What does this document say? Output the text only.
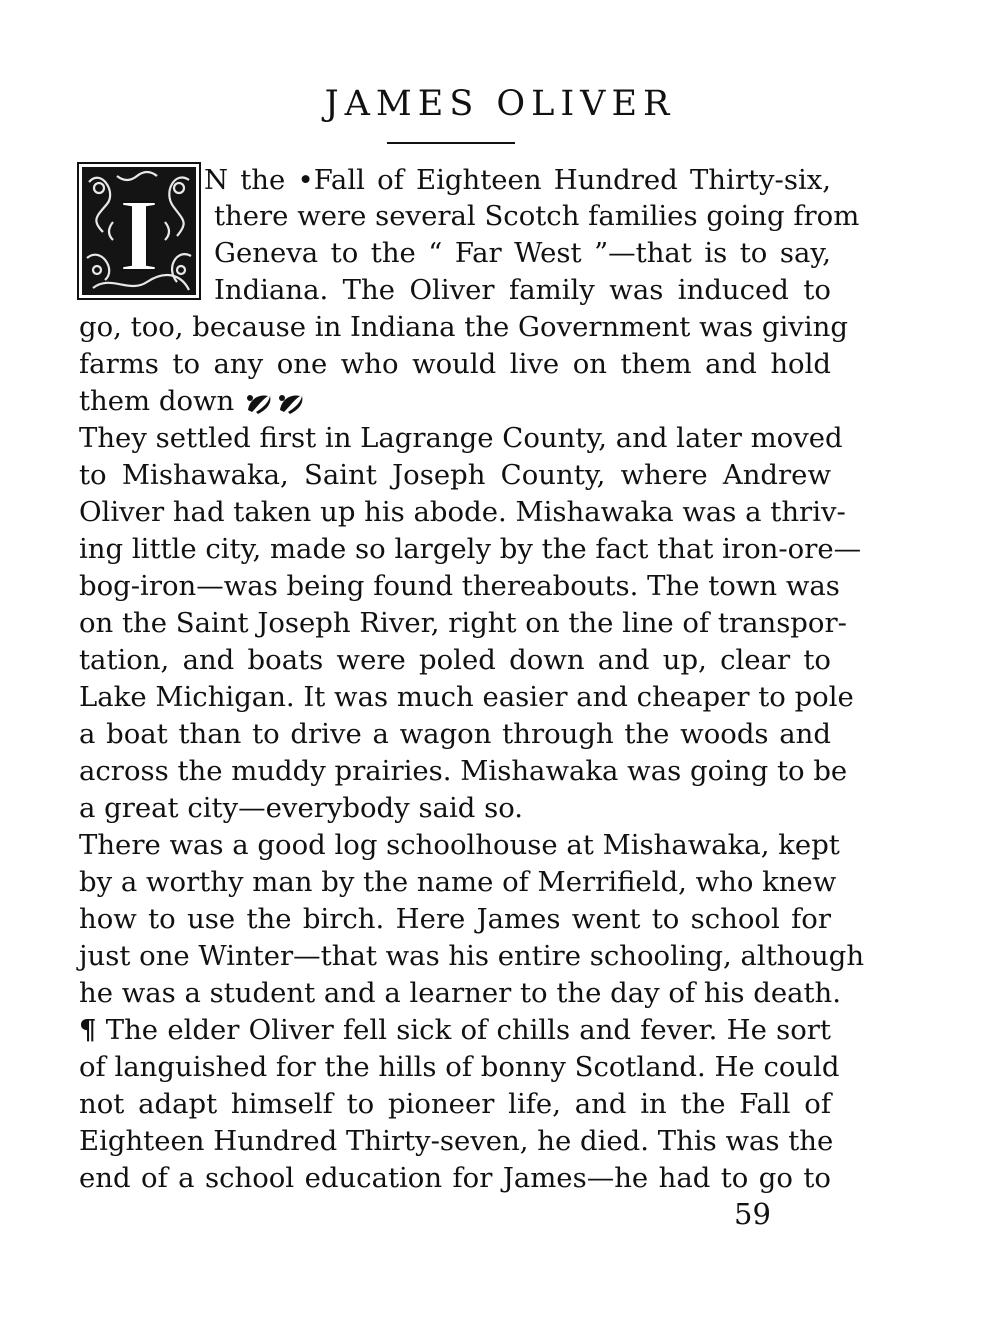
JAMES OLIVER
I N the •Fall of Eighteen Hundred Thirty-six,
there were several Scotch families going from
Geneva to the “ Far West ”—that is to say,
Indiana. The Oliver family was induced to
go, too, because in Indiana the Government was giving
farms to any one who would live on them and hold
them down
They settled first in Lagrange County, and later moved
to Mishawaka, Saint Joseph County, where Andrew
Oliver had taken up his abode. Mishawaka was a thriv-
ing little city, made so largely by the fact that iron-ore—
bog-iron—was being found thereabouts. The town was
on the Saint Joseph River, right on the line of transpor-
tation, and boats were poled down and up, clear to
Lake Michigan. It was much easier and cheaper to pole
a boat than to drive a wagon through the woods and
across the muddy prairies. Mishawaka was going to be
a great city—everybody said so.
There was a good log schoolhouse at Mishawaka, kept
by a worthy man by the name of Merrifield, who knew
how to use the birch. Here James went to school for
just one Winter—that was his entire schooling, although
he was a student and a learner to the day of his death.
¶ The elder Oliver fell sick of chills and fever. He sort
of languished for the hills of bonny Scotland. He could
not adapt himself to pioneer life, and in the Fall of
Eighteen Hundred Thirty-seven, he died. This was the
end of a school education for James—he had to go to
59
